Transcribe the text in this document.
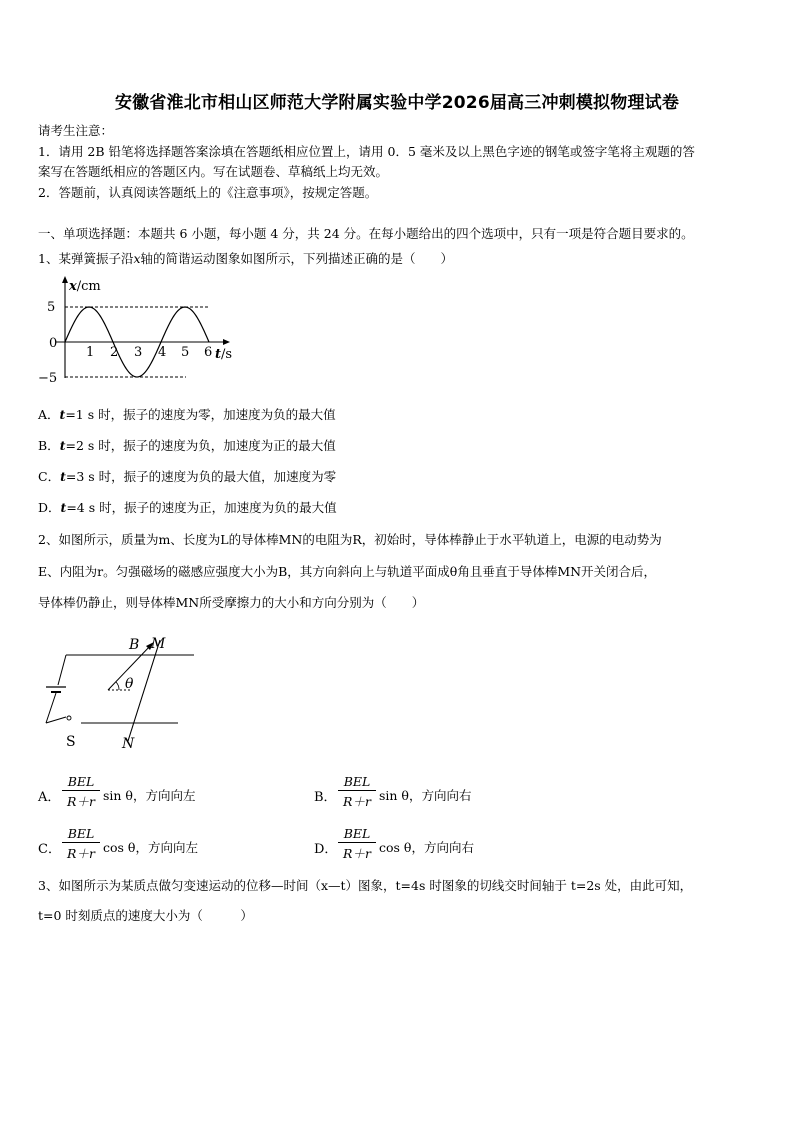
安徽省淮北市相山区师范大学附属实验中学2026届高三冲刺模拟物理试卷
请考生注意：
1．请用 2B 铅笔将选择题答案涂填在答题纸相应位置上，请用 0．5 毫米及以上黑色字迹的钢笔或签字笔将主观题的答
案写在答题纸相应的答题区内。写在试题卷、草稿纸上均无效。
2．答题前，认真阅读答题纸上的《注意事项》，按规定答题。
一、单项选择题：本题共 6 小题，每小题 4 分，共 24 分。在每小题给出的四个选项中，只有一项是符合题目要求的。
1、某弹簧振子沿x轴的简谐运动图象如图所示，下列描述正确的是（　　）
5
0
−5
1 2 3 4 5 6
x/cm
t/s
A．t=1 s 时，振子的速度为零，加速度为负的最大值
B．t=2 s 时，振子的速度为负，加速度为正的最大值
C．t=3 s 时，振子的速度为负的最大值，加速度为零
D．t=4 s 时，振子的速度为正，加速度为负的最大值
2、如图所示，质量为m、长度为L的导体棒MN的电阻为R，初始时，导体棒静止于水平轨道上，电源的电动势为
E、内阻为r。匀强磁场的磁感应强度大小为B，其方向斜向上与轨道平面成θ角且垂直于导体棒MN开关闭合后，
导体棒仍静止，则导体棒MN所受摩擦力的大小和方向分别为（　　）
B M
θ
S	N
A．
BEL
R＋r sin θ，方向向左	B．
BEL
R＋r sin θ，方向向右
C．
BEL
R＋r cos θ，方向向左	D．
BEL
R＋r cos θ，方向向右
3、如图所示为某质点做匀变速运动的位移—时间（x—t）图象，t=4s 时图象的切线交时间轴于 t=2s 处，由此可知，
t=0 时刻质点的速度大小为（　　　）
